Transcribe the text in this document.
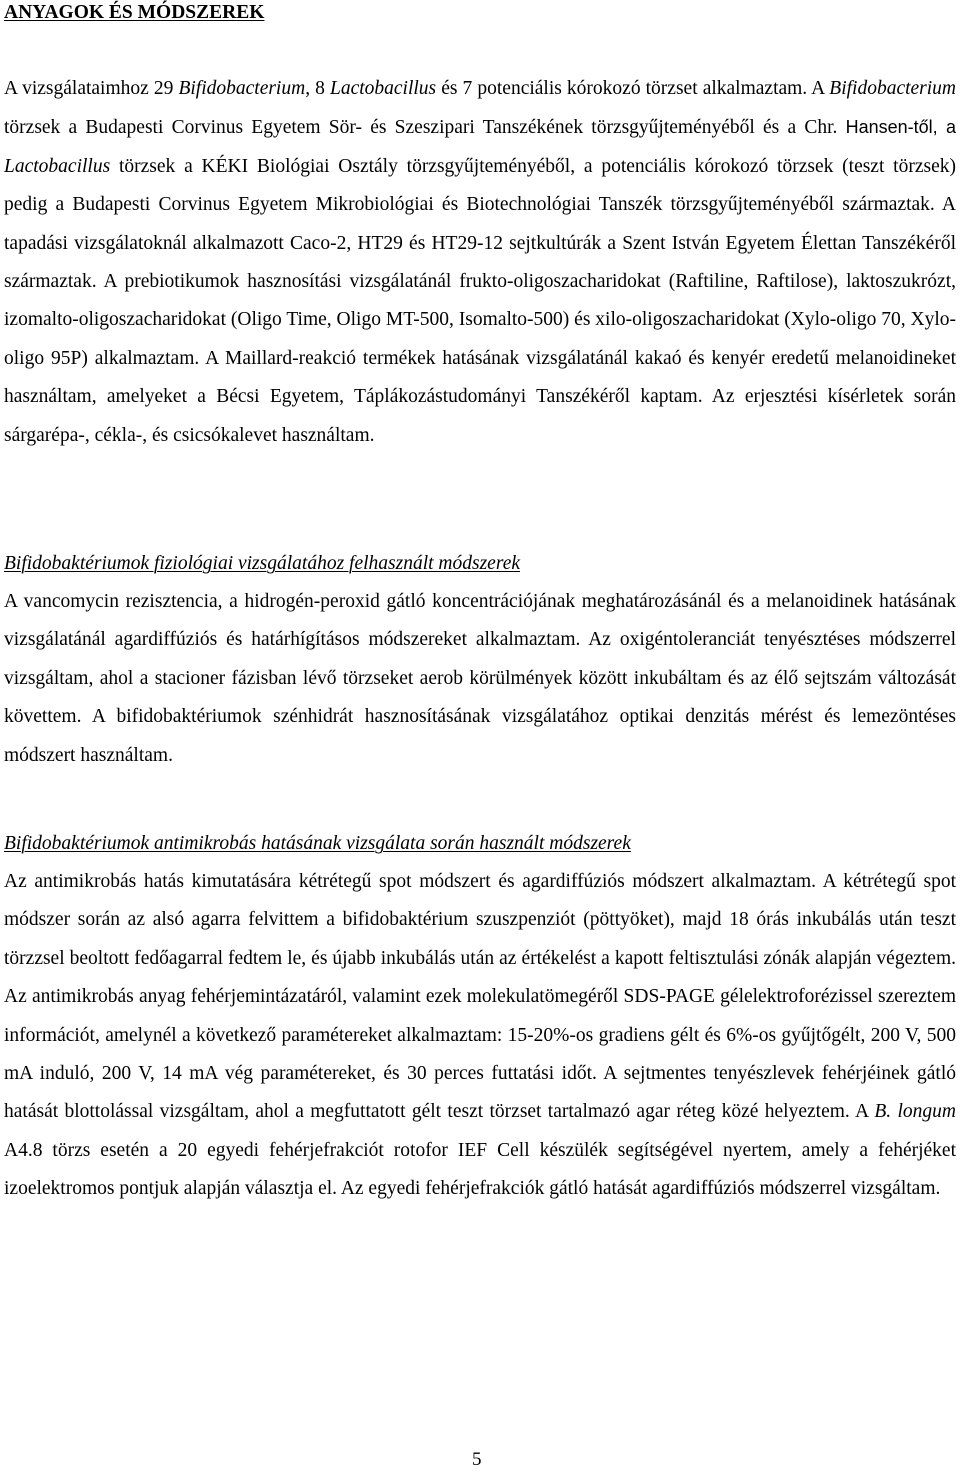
ANYAGOK ÉS MÓDSZEREK

A vizsgálataimhoz 29 Bifidobacterium, 8 Lactobacillus és 7 potenciális kórokozó törzset alkalmaztam. A Bifidobacterium törzsek a Budapesti Corvinus Egyetem Sör- és Szeszipari Tanszékének törzsgyűjteményéből és a Chr. Hansen-től, a Lactobacillus törzsek a KÉKI Biológiai Osztály törzsgyűjteményéből, a potenciális kórokozó törzsek (teszt törzsek) pedig a Budapesti Corvinus Egyetem Mikrobiológiai és Biotechnológiai Tanszék törzsgyűjteményéből származtak. A tapadási vizsgálatoknál alkalmazott Caco-2, HT29 és HT29-12 sejtkultúrák a Szent István Egyetem Élettan Tanszékéről származtak. A prebiotikumok hasznosítási vizsgálatánál frukto-oligoszacharidokat (Raftiline, Raftilose), laktoszukrózt, izomalto-oligoszacharidokat (Oligo Time, Oligo MT-500, Isomalto-500) és xilo-oligoszacharidokat (Xylo-oligo 70, Xylo-oligo 95P) alkalmaztam. A Maillard-reakció termékek hatásának vizsgálatánál kakaó és kenyér eredetű melanoidineket használtam, amelyeket a Bécsi Egyetem, Táplákozástudományi Tanszékéről kaptam. Az erjesztési kísérletek során sárgarépa-, cékla-, és csicsókalevet használtam.

Bifidobaktériumok fiziológiai vizsgálatához felhasznált módszerek

A vancomycin rezisztencia, a hidrogén-peroxid gátló koncentrációjának meghatározásánál és a melanoidinek hatásának vizsgálatánál agardiffúziós és határhígításos módszereket alkalmaztam. Az oxigéntoleranciát tenyésztéses módszerrel vizsgáltam, ahol a stacioner fázisban lévő törzseket aerob körülmények között inkubáltam és az élő sejtszám változását követtem. A bifidobaktériumok szénhidrát hasznosításának vizsgálatához optikai denzitás mérést és lemezöntéses módszert használtam.

Bifidobaktériumok antimikrobás hatásának vizsgálata során használt módszerek

Az antimikrobás hatás kimutatására kétrétegű spot módszert és agardiffúziós módszert alkalmaztam. A kétrétegű spot módszer során az alsó agarra felvittem a bifidobaktérium szuszpenziót (pöttyöket), majd 18 órás inkubálás után teszt törzzsel beoltott fedőagarral fedtem le, és újabb inkubálás után az értékelést a kapott feltisztulási zónák alapján végeztem. Az antimikrobás anyag fehérjemintázatáról, valamint ezek molekulatömegéről SDS-PAGE gélelektroforézissel szereztem információt, amelynél a következő paramétereket alkalmaztam: 15-20%-os gradiens gélt és 6%-os gyűjtőgélt, 200 V, 500 mA induló, 200 V, 14 mA vég paramétereket, és 30 perces futtatási időt. A sejtmentes tenyészlevek fehérjéinek gátló hatását blottolással vizsgáltam, ahol a megfuttatott gélt teszt törzset tartalmazó agar réteg közé helyeztem. A B. longum A4.8 törzs esetén a 20 egyedi fehérjefrakciót rotofor IEF Cell készülék segítségével nyertem, amely a fehérjéket izoelektromos pontjuk alapján választja el. Az egyedi fehérjefrakciók gátló hatását agardiffúziós módszerrel vizsgáltam.

5
